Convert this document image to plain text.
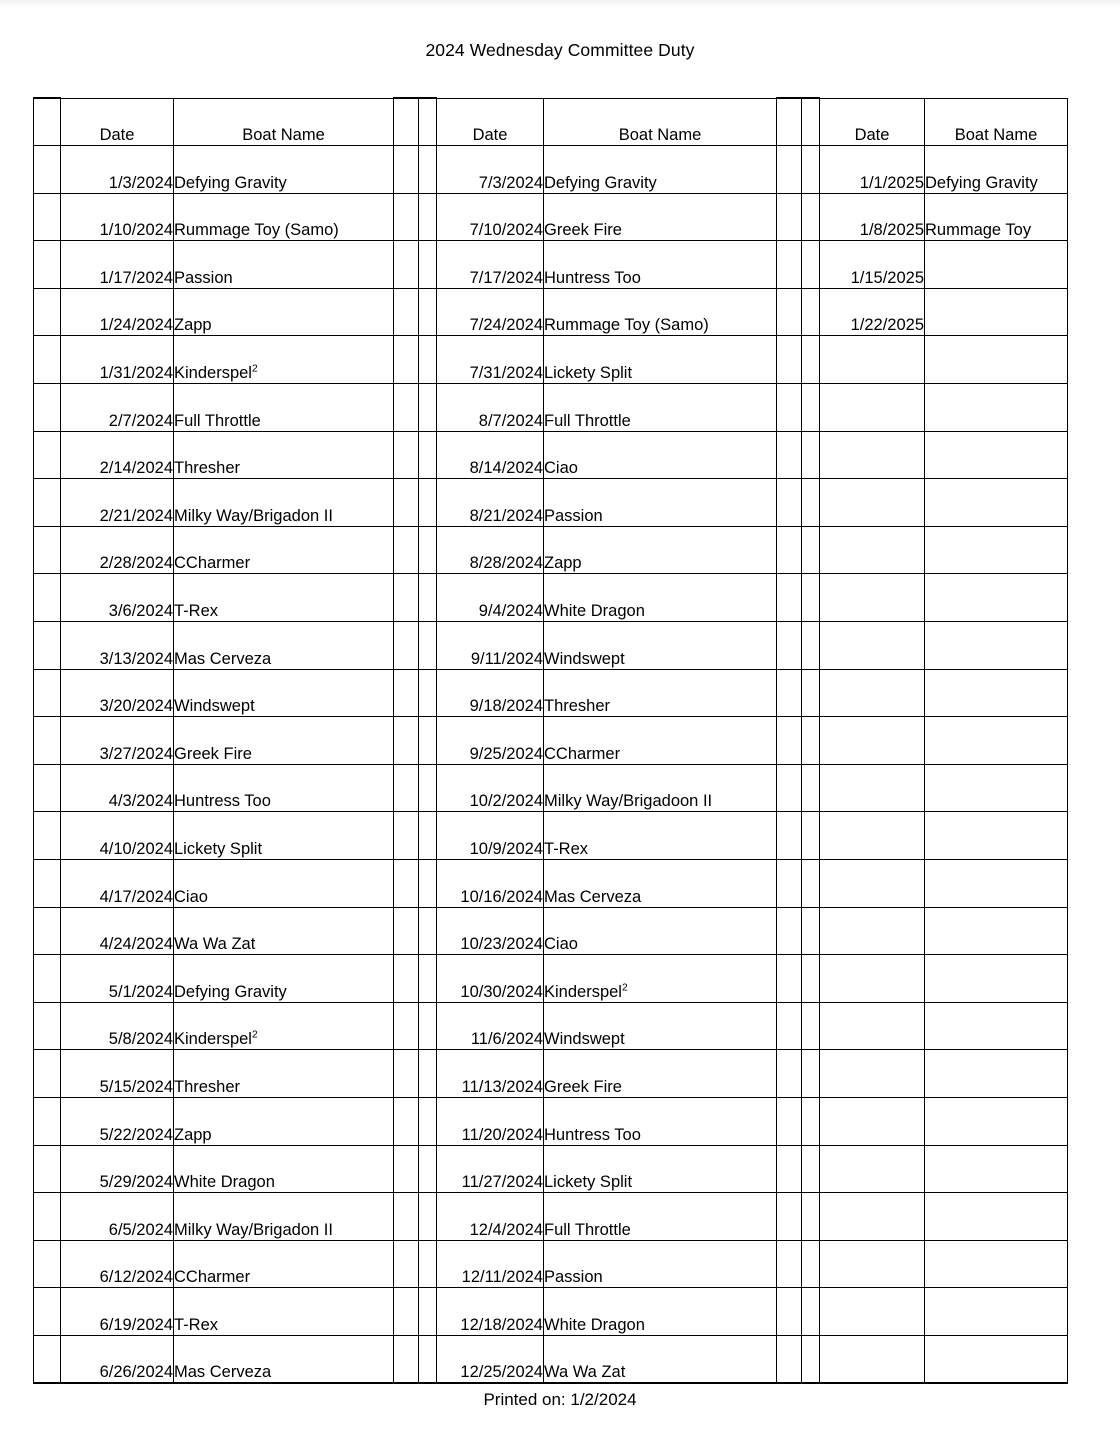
2024 Wednesday Committee Duty
	Date	Boat Name			Date	Boat Name			Date	Boat Name
	1/3/2024	Defying Gravity			7/3/2024	Defying Gravity			1/1/2025	Defying Gravity
	1/10/2024	Rummage Toy (Samo)			7/10/2024	Greek Fire			1/8/2025	Rummage Toy
	1/17/2024	Passion			7/17/2024	Huntress Too			1/15/2025	
	1/24/2024	Zapp			7/24/2024	Rummage Toy (Samo)			1/22/2025	
	1/31/2024	Kinderspel$^2$			7/31/2024	Lickety Split				
	2/7/2024	Full Throttle			8/7/2024	Full Throttle				
	2/14/2024	Thresher			8/14/2024	Ciao				
	2/21/2024	Milky Way/Brigadon II			8/21/2024	Passion				
	2/28/2024	CCharmer			8/28/2024	Zapp				
	3/6/2024	T-Rex			9/4/2024	White Dragon				
	3/13/2024	Mas Cerveza			9/11/2024	Windswept				
	3/20/2024	Windswept			9/18/2024	Thresher				
	3/27/2024	Greek Fire			9/25/2024	CCharmer				
	4/3/2024	Huntress Too			10/2/2024	Milky Way/Brigadoon II				
	4/10/2024	Lickety Split			10/9/2024	T-Rex				
	4/17/2024	Ciao			10/16/2024	Mas Cerveza				
	4/24/2024	Wa Wa Zat			10/23/2024	Ciao				
	5/1/2024	Defying Gravity			10/30/2024	Kinderspel$^2$				
	5/8/2024	Kinderspel$^2$			11/6/2024	Windswept				
	5/15/2024	Thresher			11/13/2024	Greek Fire				
	5/22/2024	Zapp			11/20/2024	Huntress Too				
	5/29/2024	White Dragon			11/27/2024	Lickety Split				
	6/5/2024	Milky Way/Brigadon II			12/4/2024	Full Throttle				
	6/12/2024	CCharmer			12/11/2024	Passion				
	6/19/2024	T-Rex			12/18/2024	White Dragon				
	6/26/2024	Mas Cerveza			12/25/2024	Wa Wa Zat				
Printed on: 1/2/2024
